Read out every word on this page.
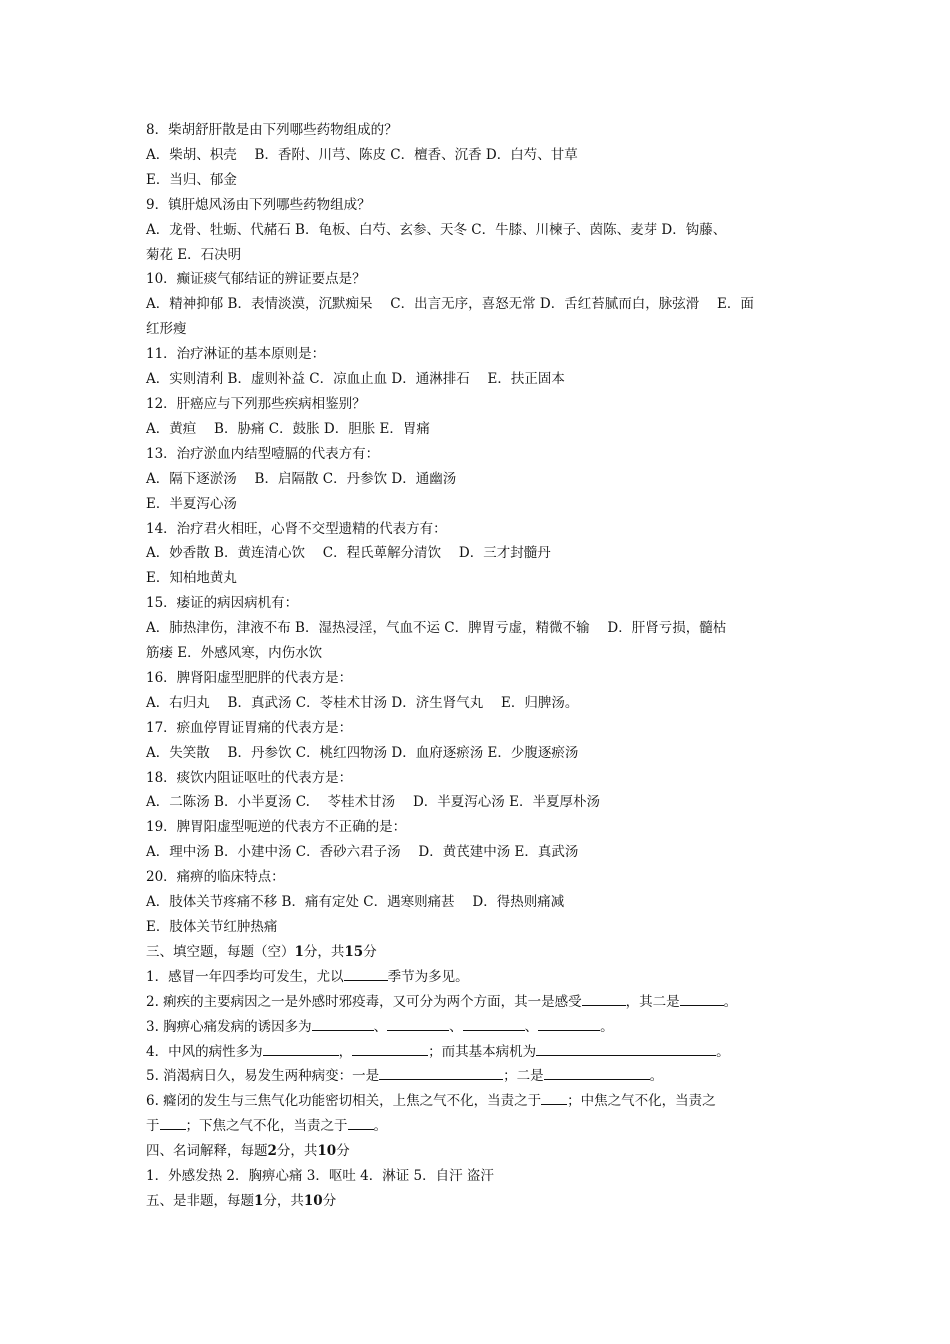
8．柴胡舒肝散是由下列哪些药物组成的？
A．柴胡、枳壳　 B．香附、川芎、陈皮 C．檀香、沉香 D．白芍、甘草
E．当归、郁金
9．镇肝熄风汤由下列哪些药物组成？
A．龙骨、牡蛎、代赭石 B．龟板、白芍、玄参、天冬 C．牛膝、川楝子、茵陈、麦芽 D．钩藤、
菊花 E．石决明
10．癫证痰气郁结证的辨证要点是？
A．精神抑郁 B．表情淡漠，沉默痴呆　 C．出言无序，喜怒无常 D．舌红苔腻而白，脉弦滑　 E．面
红形瘦
11．治疗淋证的基本原则是：
A．实则清利 B．虚则补益 C．凉血止血 D．通淋排石　 E．扶正固本
12．肝癌应与下列那些疾病相鉴别？
A．黄疸　 B．胁痛 C．鼓胀 D．胆胀 E．胃痛
13．治疗淤血内结型噎膈的代表方有：
A．隔下逐淤汤　 B．启隔散 C．丹参饮 D．通幽汤
E．半夏泻心汤
14．治疗君火相旺，心肾不交型遗精的代表方有：
A．妙香散 B．黄连清心饮　 C．程氏萆解分清饮　 D．三才封髓丹
E．知柏地黄丸
15．痿证的病因病机有：
A．肺热津伤，津液不布 B．湿热浸淫，气血不运 C．脾胃亏虚，精微不输　 D．肝肾亏损，髓枯
筋痿 E．外感风寒，内伤水饮
16．脾肾阳虚型肥胖的代表方是：
A．右归丸　 B．真武汤 C．苓桂术甘汤 D．济生肾气丸　 E．归脾汤。
17．瘀血停胃证胃痛的代表方是：
A．失笑散　 B．丹参饮 C．桃红四物汤 D．血府逐瘀汤 E．少腹逐瘀汤
18．痰饮内阻证呕吐的代表方是：
A．二陈汤 B．小半夏汤 C.　 苓桂术甘汤　 D．半夏泻心汤 E．半夏厚朴汤
19．脾胃阳虚型呃逆的代表方不正确的是：
A．理中汤 B．小建中汤 C．香砂六君子汤　 D．黄芪建中汤 E．真武汤
20．痛痹的临床特点：
A．肢体关节疼痛不移 B．痛有定处 C．遇寒则痛甚　 D．得热则痛减
E．肢体关节红肿热痛
三、填空题，每题（空）1分，共15分
1．感冒一年四季均可发生，尤以	季节为多见。
2. 痢疾的主要病因之一是外感时邪疫毒，又可分为两个方面，其一是感受	，其二是	。
3. 胸痹心痛发病的诱因多为	、	、	、	。
4．中风的病性多为	，	；而其基本病机为	。
5. 消渴病日久，易发生两种病变：一是	；二是	。
6. 癃闭的发生与三焦气化功能密切相关，上焦之气不化，当责之于 ；中焦之气不化，当责之
于 ；下焦之气不化，当责之于 。
四、名词解释，每题2分，共10分
1．外感发热 2．胸痹心痛 3．呕吐 4．淋证 5．自汗 盗汗
五、是非题，每题1分，共10分
